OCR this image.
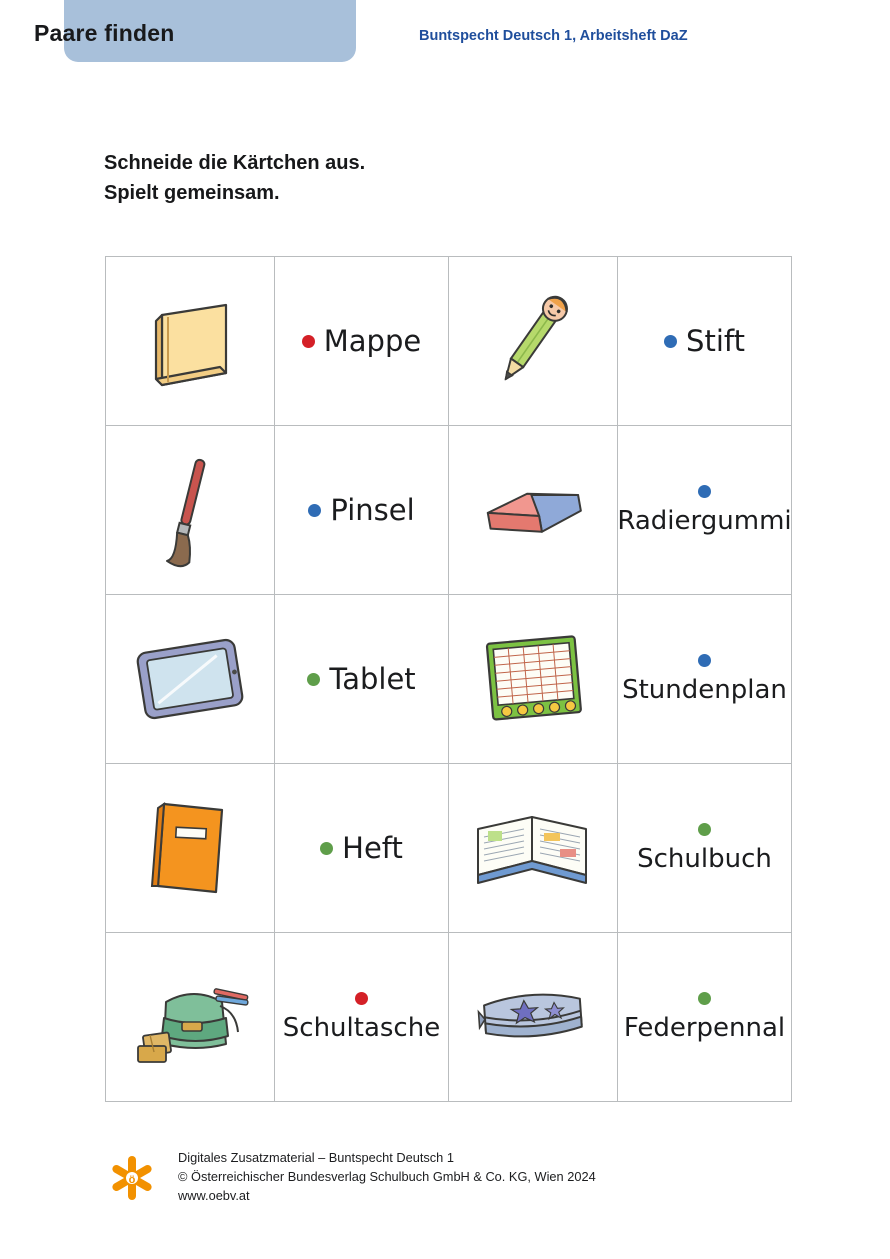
Paare finden	Buntspecht Deutsch 1, Arbeitsheft DaZ
Schneide die Kärtchen aus.
Spielt gemeinsam.

Mappe		Stift

Pinsel		Radiergummi

Tablet		Stundenplan

Heft		Schulbuch

Schultasche		Federpennal
ö
Digitales Zusatzmaterial – Buntspecht Deutsch 1
© Österreichischer Bundesverlag Schulbuch GmbH & Co. KG, Wien 2024
www.oebv.at
